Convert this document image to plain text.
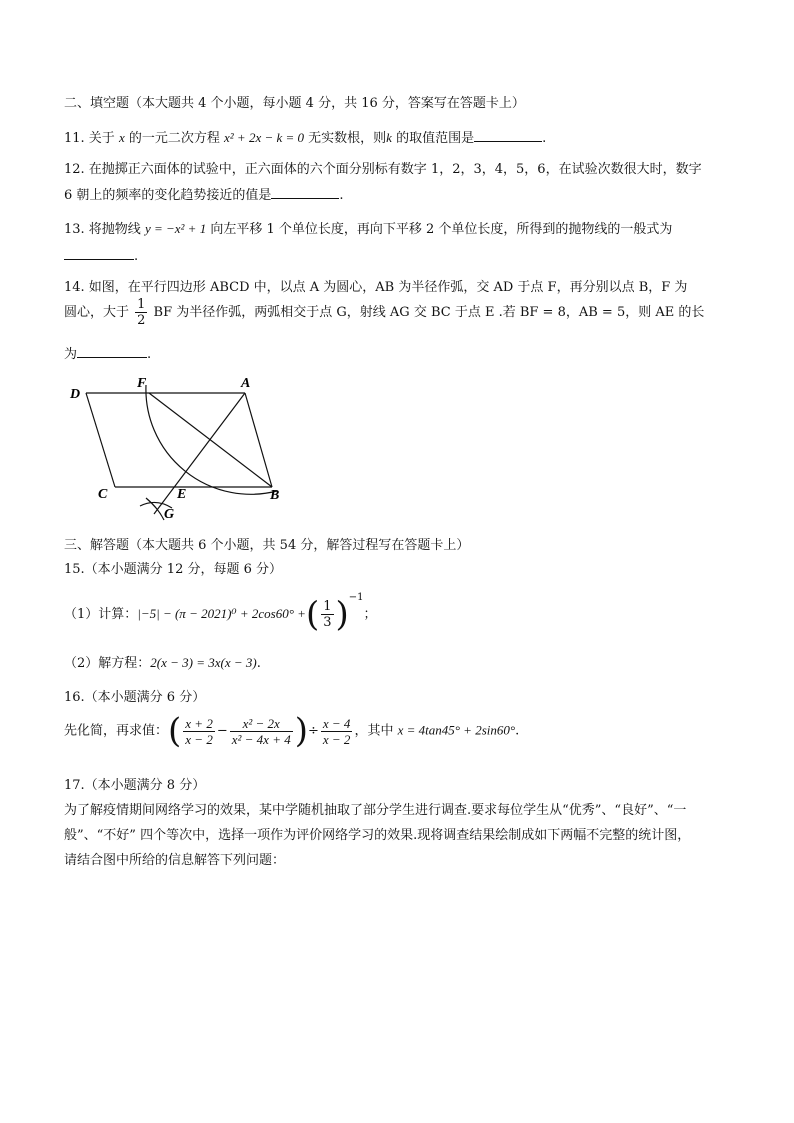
二、填空题（本大题共 4 个小题，每小题 4 分，共 16 分，答案写在答题卡上）
11. 关于 x 的一元二次方程 x² + 2x − k = 0 无实数根，则k 的取值范围是	.
12. 在抛掷正六面体的试验中，正六面体的六个面分别标有数字 1，2，3，4，5，6，在试验次数很大时，数字
6 朝上的频率的变化趋势接近的值是	.
13. 将抛物线 y = −x² + 1 向左平移 1 个单位长度，再向下平移 2 个单位长度，所得到的抛物线的一般式为
.
14. 如图，在平行四边形 ABCD 中，以点 A 为圆心，AB 为半径作弧，交 AD 于点 F，再分别以点 B，F 为
圆心，大于 $\frac{1}{2}$ BF 为半径作弧，两弧相交于点 G，射线 AG 交 BC 于点 E .若 BF = 8，AB = 5，则 AE 的长
为	.
D
F	A
C	E	B
G
三、解答题（本大题共 6 个小题，共 54 分，解答过程写在答题卡上）
15.（本小题满分 12 分，每题 6 分）
（1）计算：|−5| − (π − 2021)⁰ + 2cos60° +( $\frac{1}{3} )^{-1}$；
（2）解方程：2(x − 3) = 3x(x − 3).
16.（本小题满分 6 分）
先化简，再求值：( $\frac{x + 2}{x - 2} - \frac{\text{x² − 2x}}{\text{x² − 4x + 4}}$ )÷ $\frac{x - 4}{x - 2}$ ，其中 x = 4tan45° + 2sin60°.
17.（本小题满分 8 分）
为了解疫情期间网络学习的效果，某中学随机抽取了部分学生进行调查.要求每位学生从“优秀”、“良好”、“一
般”、“不好” 四个等次中，选择一项作为评价网络学习的效果.现将调查结果绘制成如下两幅不完整的统计图，
请结合图中所给的信息解答下列问题：
